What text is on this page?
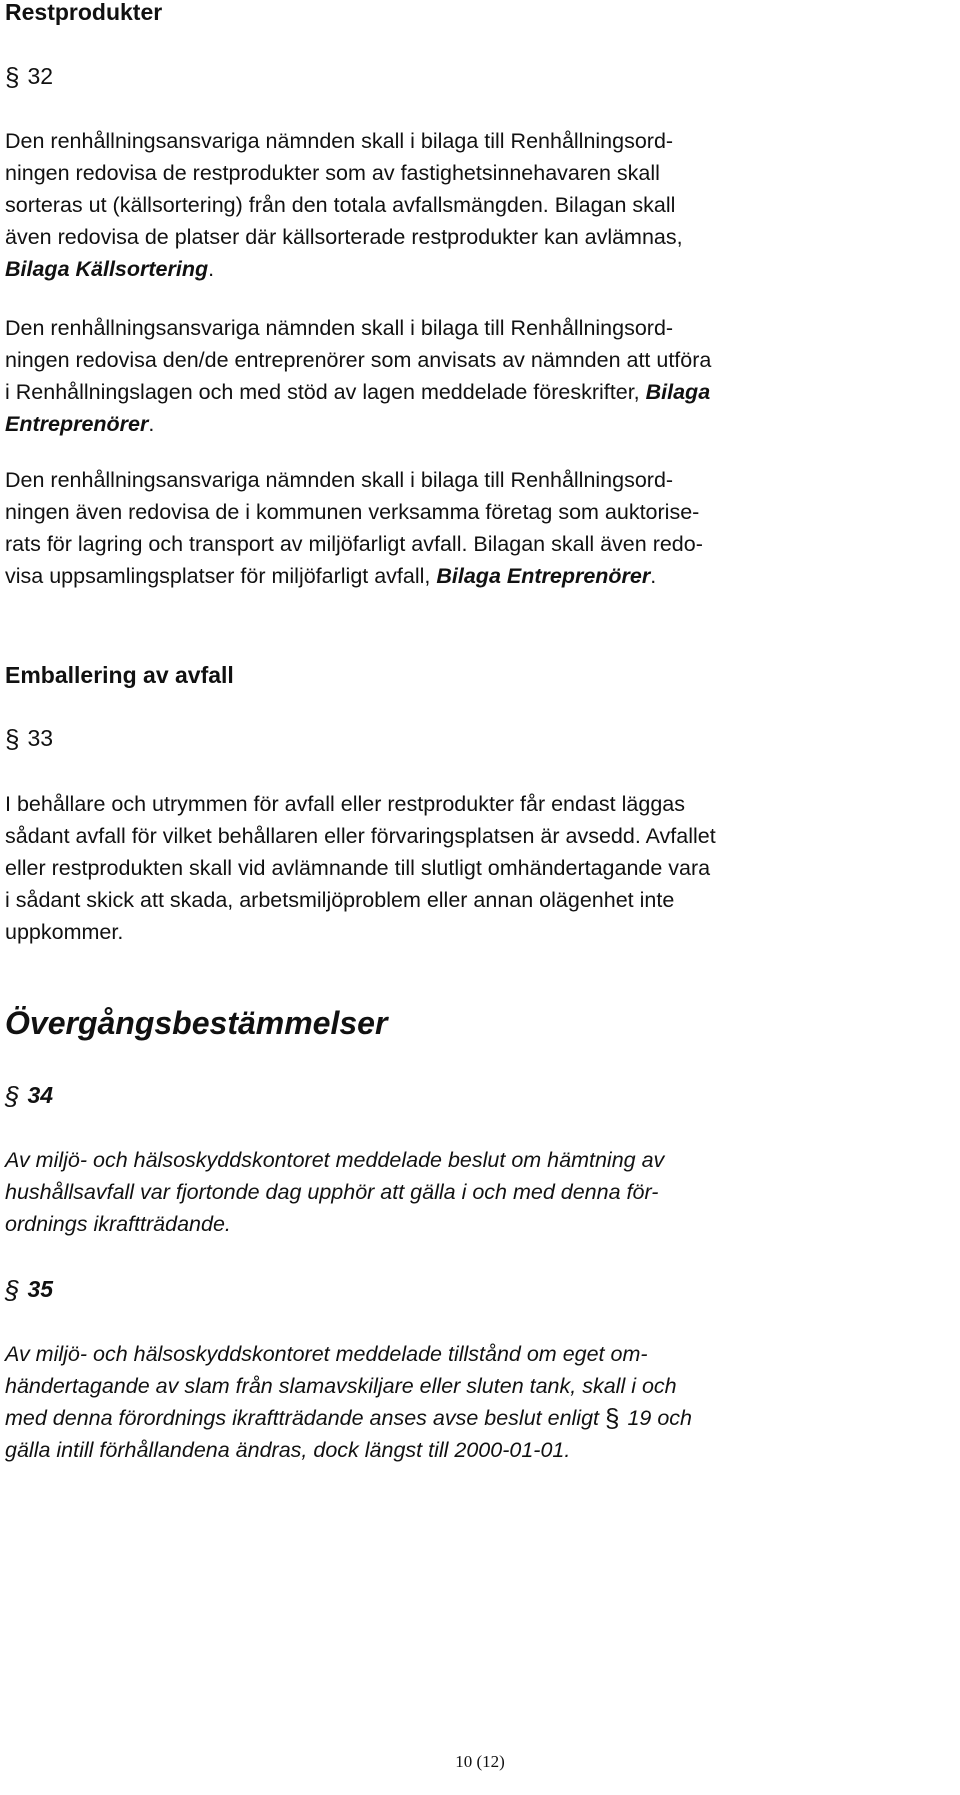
Restprodukter
§ 32
Den renhållningsansvariga nämnden skall i bilaga till Renhållningsord-
ningen redovisa de restprodukter som av fastighetsinnehavaren skall
sorteras ut (källsortering) från den totala avfallsmängden. Bilagan skall
även redovisa de platser där källsorterade restprodukter kan avlämnas,
Bilaga Källsortering.
Den renhållningsansvariga nämnden skall i bilaga till Renhållningsord-
ningen redovisa den/de entreprenörer som anvisats av nämnden att utföra
i Renhållningslagen och med stöd av lagen meddelade föreskrifter, Bilaga
Entreprenörer.
Den renhållningsansvariga nämnden skall i bilaga till Renhållningsord-
ningen även redovisa de i kommunen verksamma företag som auktorise-
rats för lagring och transport av miljöfarligt avfall. Bilagan skall även redo-
visa uppsamlingsplatser för miljöfarligt avfall, Bilaga Entreprenörer.
Emballering av avfall
§ 33
I behållare och utrymmen för avfall eller restprodukter får endast läggas
sådant avfall för vilket behållaren eller förvaringsplatsen är avsedd. Avfallet
eller restprodukten skall vid avlämnande till slutligt omhändertagande vara
i sådant skick att skada, arbetsmiljöproblem eller annan olägenhet inte
uppkommer.
Övergångsbestämmelser
§ 34
Av miljö- och hälsoskyddskontoret meddelade beslut om hämtning av
hushållsavfall var fjortonde dag upphör att gälla i och med denna för-
ordnings ikraftträdande.
§ 35
Av miljö- och hälsoskyddskontoret meddelade tillstånd om eget om-
händertagande av slam från slamavskiljare eller sluten tank, skall i och
med denna förordnings ikraftträdande anses avse beslut enligt § 19 och
gälla intill förhållandena ändras, dock längst till 2000-01-01.
10 (12)
